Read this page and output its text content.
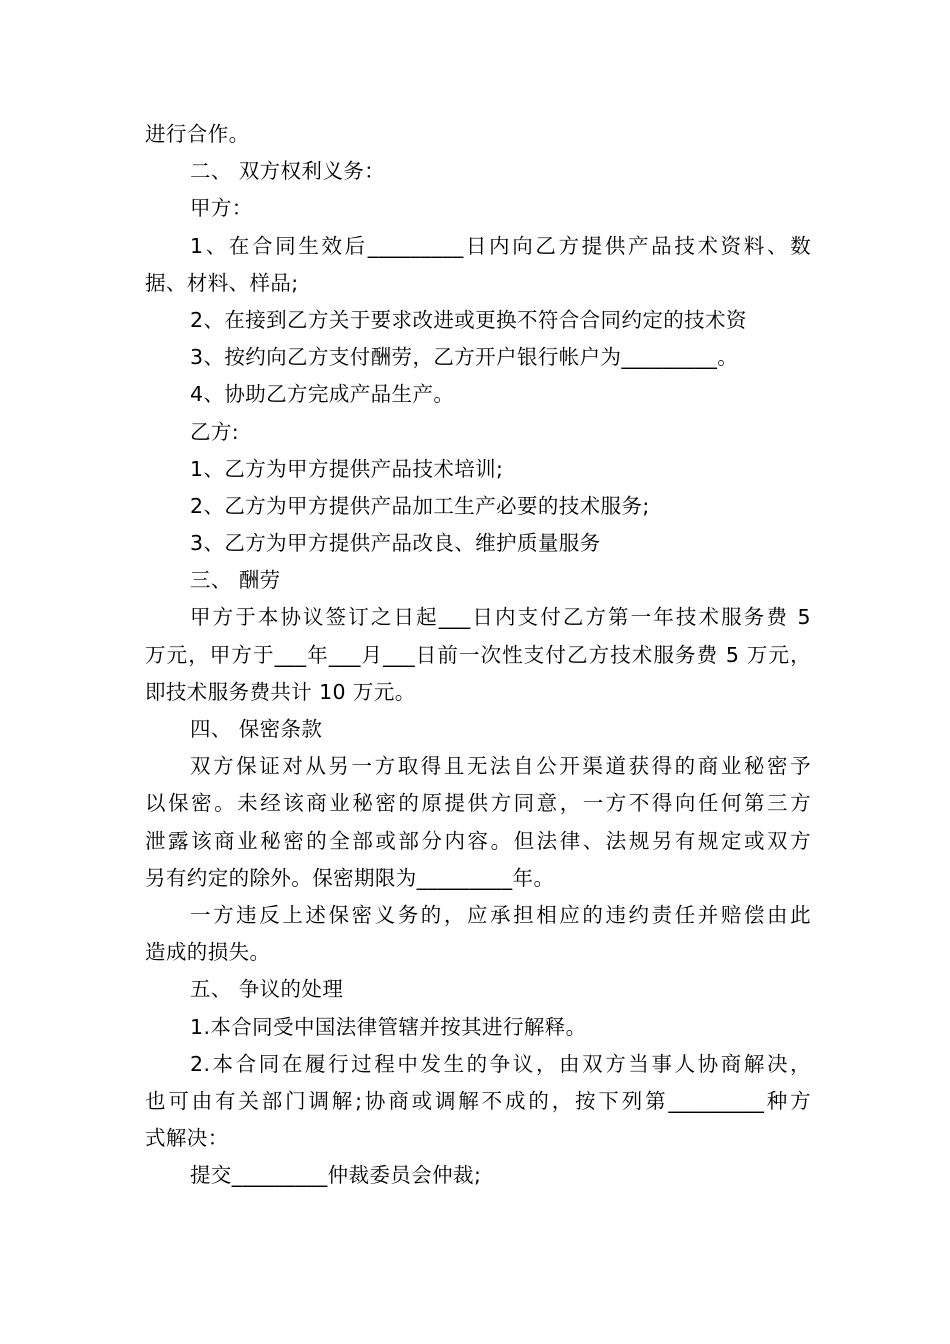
进行合作。
二、 双方权利义务：
甲方：
1、在合同生效后_________日内向乙方提供产品技术资料、数
据、材料、样品;
2、在接到乙方关于要求改进或更换不符合合同约定的技术资
3、按约向乙方支付酬劳，乙方开户银行帐户为_________。
4、协助乙方完成产品生产。
乙方:
1、乙方为甲方提供产品技术培训;
2、乙方为甲方提供产品加工生产必要的技术服务;
3、乙方为甲方提供产品改良、维护质量服务
三、 酬劳
甲方于本协议签订之日起___日内支付乙方第一年技术服务费 5
万元，甲方于___年___月___日前一次性支付乙方技术服务费 5 万元，
即技术服务费共计 10 万元。
四、 保密条款
双方保证对从另一方取得且无法自公开渠道获得的商业秘密予
以保密。未经该商业秘密的原提供方同意，一方不得向任何第三方
泄露该商业秘密的全部或部分内容。但法律、法规另有规定或双方
另有约定的除外。保密期限为_________年。
一方违反上述保密义务的，应承担相应的违约责任并赔偿由此
造成的损失。
五、 争议的处理
1.本合同受中国法律管辖并按其进行解释。
2.本合同在履行过程中发生的争议，由双方当事人协商解决，
也可由有关部门调解;协商或调解不成的，按下列第_________种方
式解决：
提交_________仲裁委员会仲裁;
